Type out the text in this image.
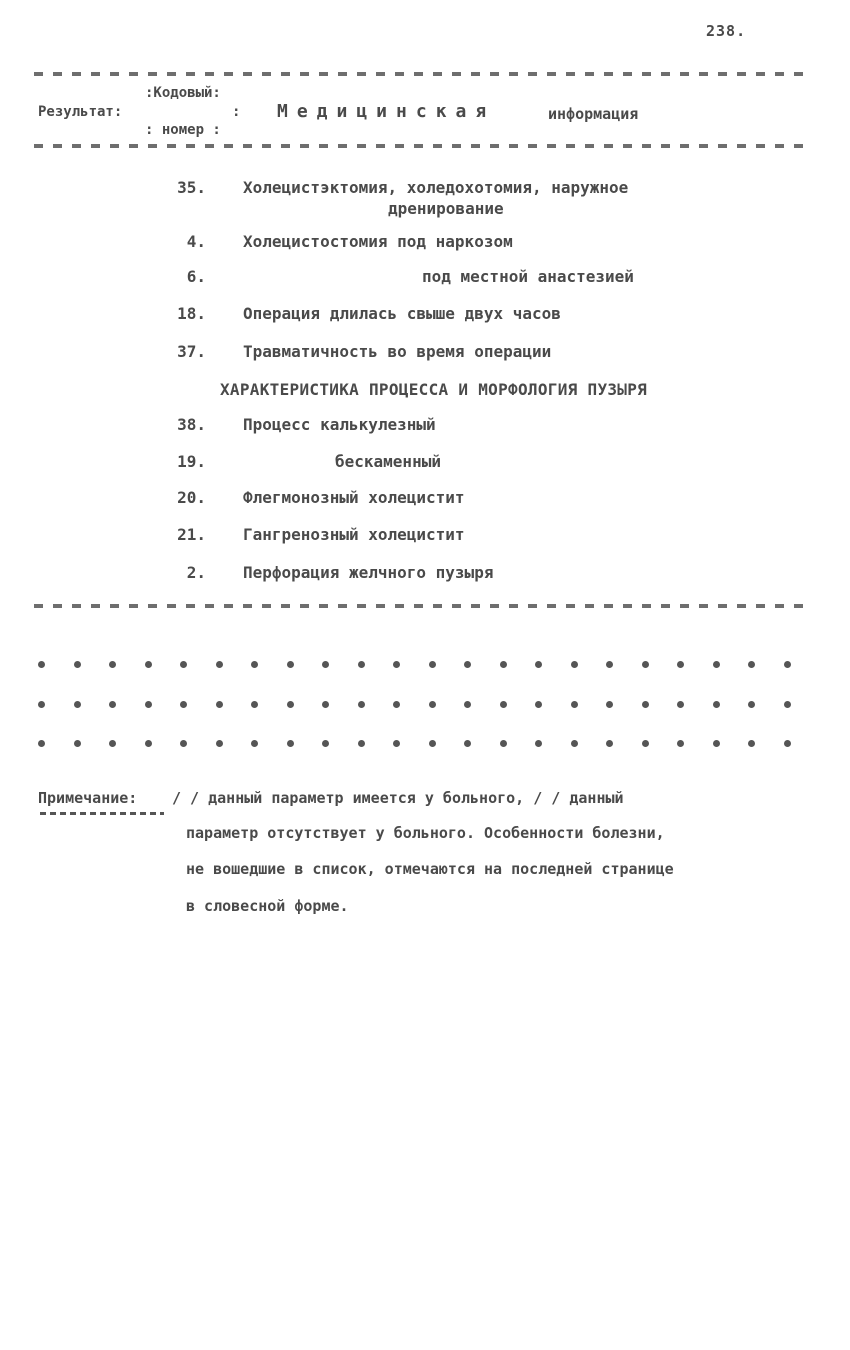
238.
:Кодовый:
Результат:	:
: номер :
Медицинская	информация
35. Холецистэктомия, холедохотомия, наружное
дренирование
4. Холецистостомия под наркозом
6.	под местной анастезией
18. Операция длилась свыше двух часов
37. Травматичность во время операции
ХАРАКТЕРИСТИКА ПРОЦЕССА И МОРФОЛОГИЯ ПУЗЫРЯ
38. Процесс калькулезный
19.	бескаменный
20. Флегмонозный холецистит
21. Гангренозный холецистит
2. Перфорация желчного пузыря
Примечание: / / данный параметр имеется у больного, / / данный
параметр отсутствует у больного. Особенности болезни,
не вошедшие в список, отмечаются на последней странице
в словесной форме.
